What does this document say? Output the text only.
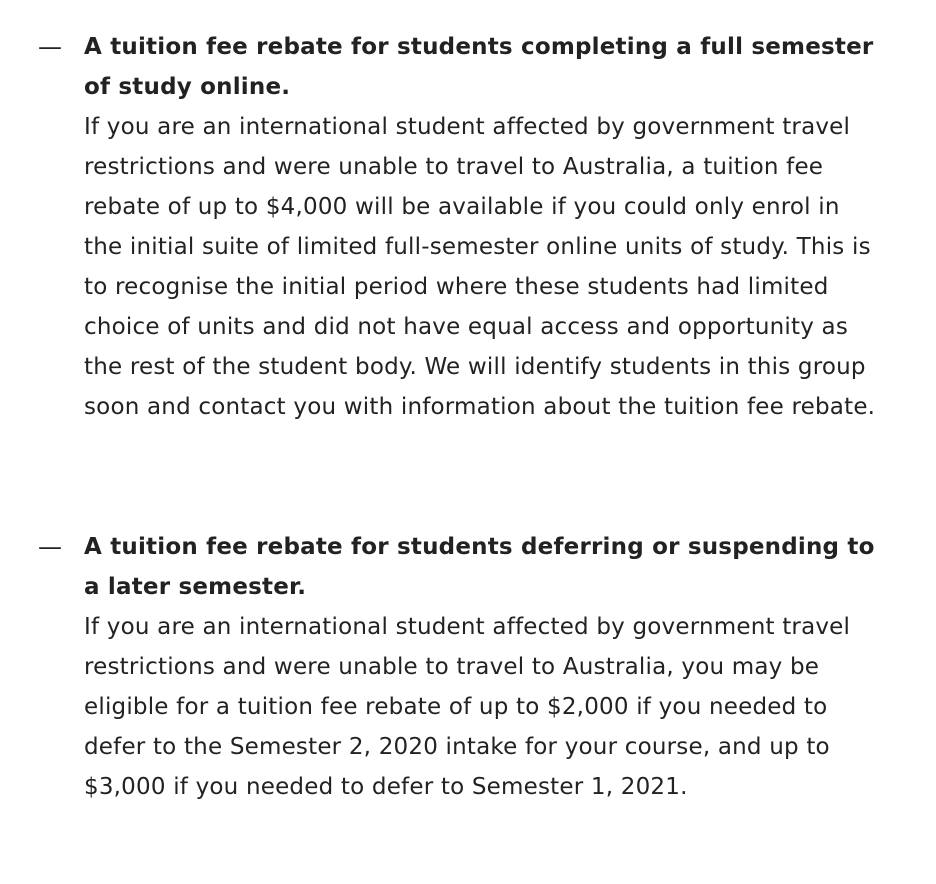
— A tuition fee rebate for students completing a full semester of study online.
If you are an international student affected by government travel restrictions and were unable to travel to Australia, a tuition fee rebate of up to $4,000 will be available if you could only enrol in the initial suite of limited full-semester online units of study. This is to recognise the initial period where these students had limited choice of units and did not have equal access and opportunity as the rest of the student body. We will identify students in this group soon and contact you with information about the tuition fee rebate.
— A tuition fee rebate for students deferring or suspending to a later semester.
If you are an international student affected by government travel restrictions and were unable to travel to Australia, you may be eligible for a tuition fee rebate of up to $2,000 if you needed to defer to the Semester 2, 2020 intake for your course, and up to $3,000 if you needed to defer to Semester 1, 2021.
